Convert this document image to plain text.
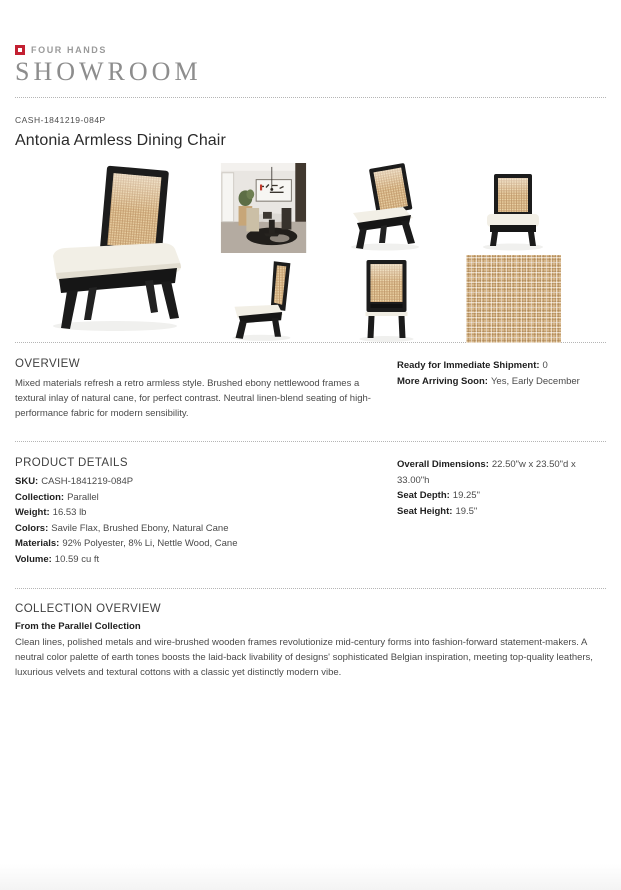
FOUR HANDS
SHOWROOM
CASH-1841219-084P
Antonia Armless Dining Chair
OVERVIEW

Mixed materials refresh a retro armless style. Brushed ebony nettlewood frames a textural inlay of natural cane, for perfect contrast. Neutral linen-blend seating of high-performance fabric for modern sensibility.

Ready for Immediate Shipment: 0
More Arriving Soon: Yes, Early December
PRODUCT DETAILS
SKU: CASH-1841219-084P
Collection: Parallel
Weight: 16.53 lb
Colors: Savile Flax, Brushed Ebony, Natural Cane
Materials: 92% Polyester, 8% Li, Nettle Wood, Cane
Volume: 10.59 cu ft
Overall Dimensions: 22.50"w x 23.50"d x 33.00"h
Seat Depth: 19.25"
Seat Height: 19.5"
COLLECTION OVERVIEW
From the Parallel Collection

Clean lines, polished metals and wire-brushed wooden frames revolutionize mid-century forms into fashion-forward statement-makers. A neutral color palette of earth tones boosts the laid-back livability of designs' sophisticated Belgian inspiration, meeting top-quality leathers, luxurious velvets and textural cottons with a classic yet distinctly modern vibe.
